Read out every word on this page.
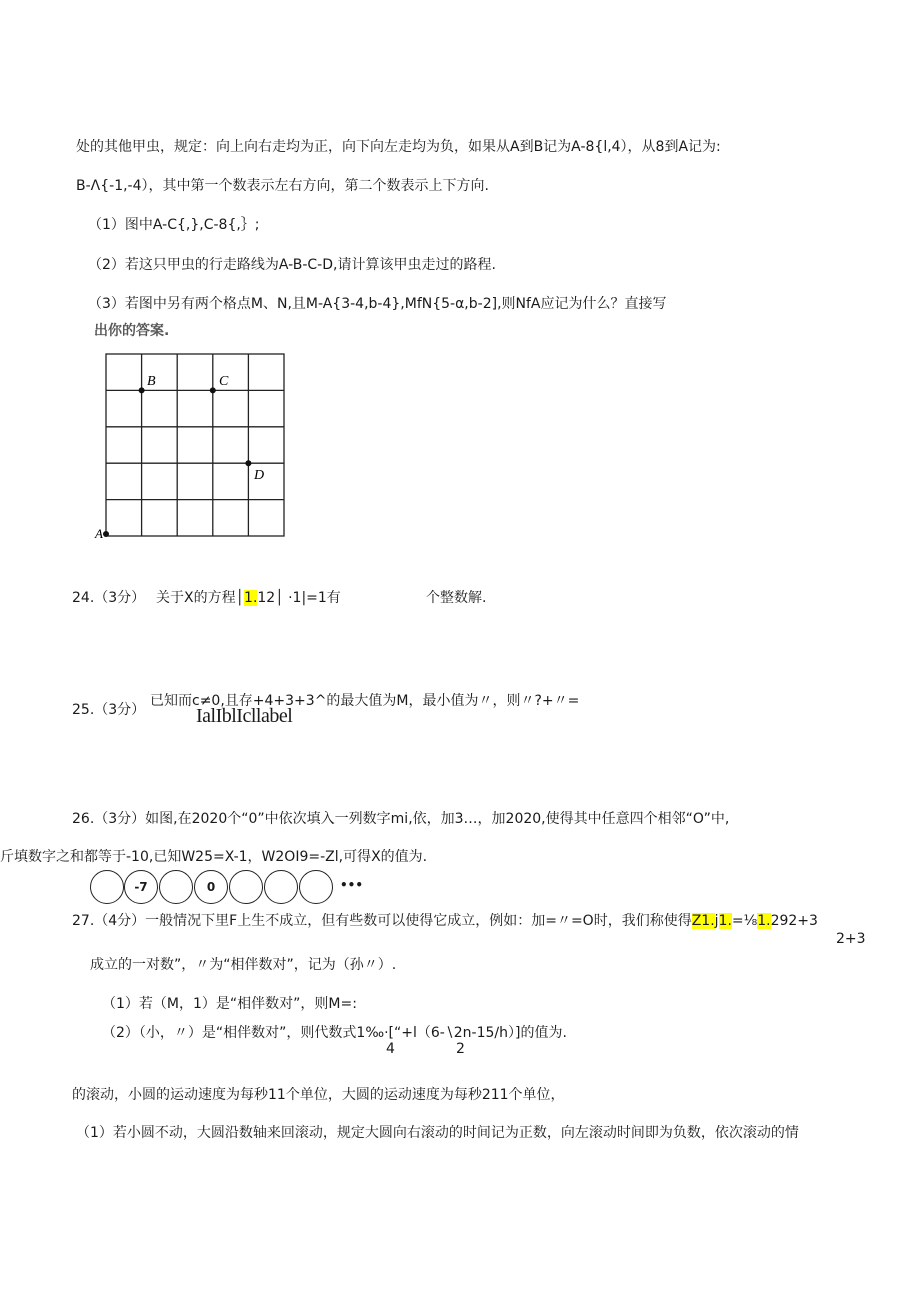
处的其他甲虫，规定：向上向右走均为正，向下向左走均为负，如果从A到B记为A-8{l,4），从8到A记为:
B-Λ{-1,-4），其中第一个数表示左右方向，第二个数表示上下方向.
（1）图中A-C{,},C-8{,｝;
（2）若这只甲虫的行走路线为A-B-C-D,请计算该甲虫走过的路程.
（3）若图中另有两个格点M、N,且M-A{3-4,b-4},MfN{5-α,b-2],则NfA应记为什么？直接写
出你的答案.
A
B	C
D
24.（3分） 关于X的方程│1.12│ ·1|=1有	个整数解.
25.（3分）
已知而c≠0,且存+4+3+3^的最大值为M，最小值为〃，则〃?+〃=
IalIblIcllabel
26.（3分）如图,在2020个“0”中依次填入一列数字mi,依，加3…，加2020,使得其中任意四个相邻“O”中,
斤填数字之和都等于-10,已知W25=X-1，W2OI9=-Zl,可得X的值为.
-7	0	•••
27.（4分）一般情况下里F上生不成立，但有些数可以使得它成立，例如：加=〃=O时，我们称使得Z1.j1.=⅛1.292+3
2+3
成立的一对数”，〃为“相伴数对”，记为（孙〃）.
（1）若（M，1）是“相伴数对”，则M=:
（2）（小，〃）是“相伴数对”，则代数式1‰·[“+l（6-∖2n-15∕h）]的值为.
4	2
的滚动，小圆的运动速度为每秒11个单位，大圆的运动速度为每秒211个单位，
（1）若小圆不动，大圆沿数轴来回滚动，规定大圆向右滚动的时间记为正数，向左滚动时间即为负数，依次滚动的情
